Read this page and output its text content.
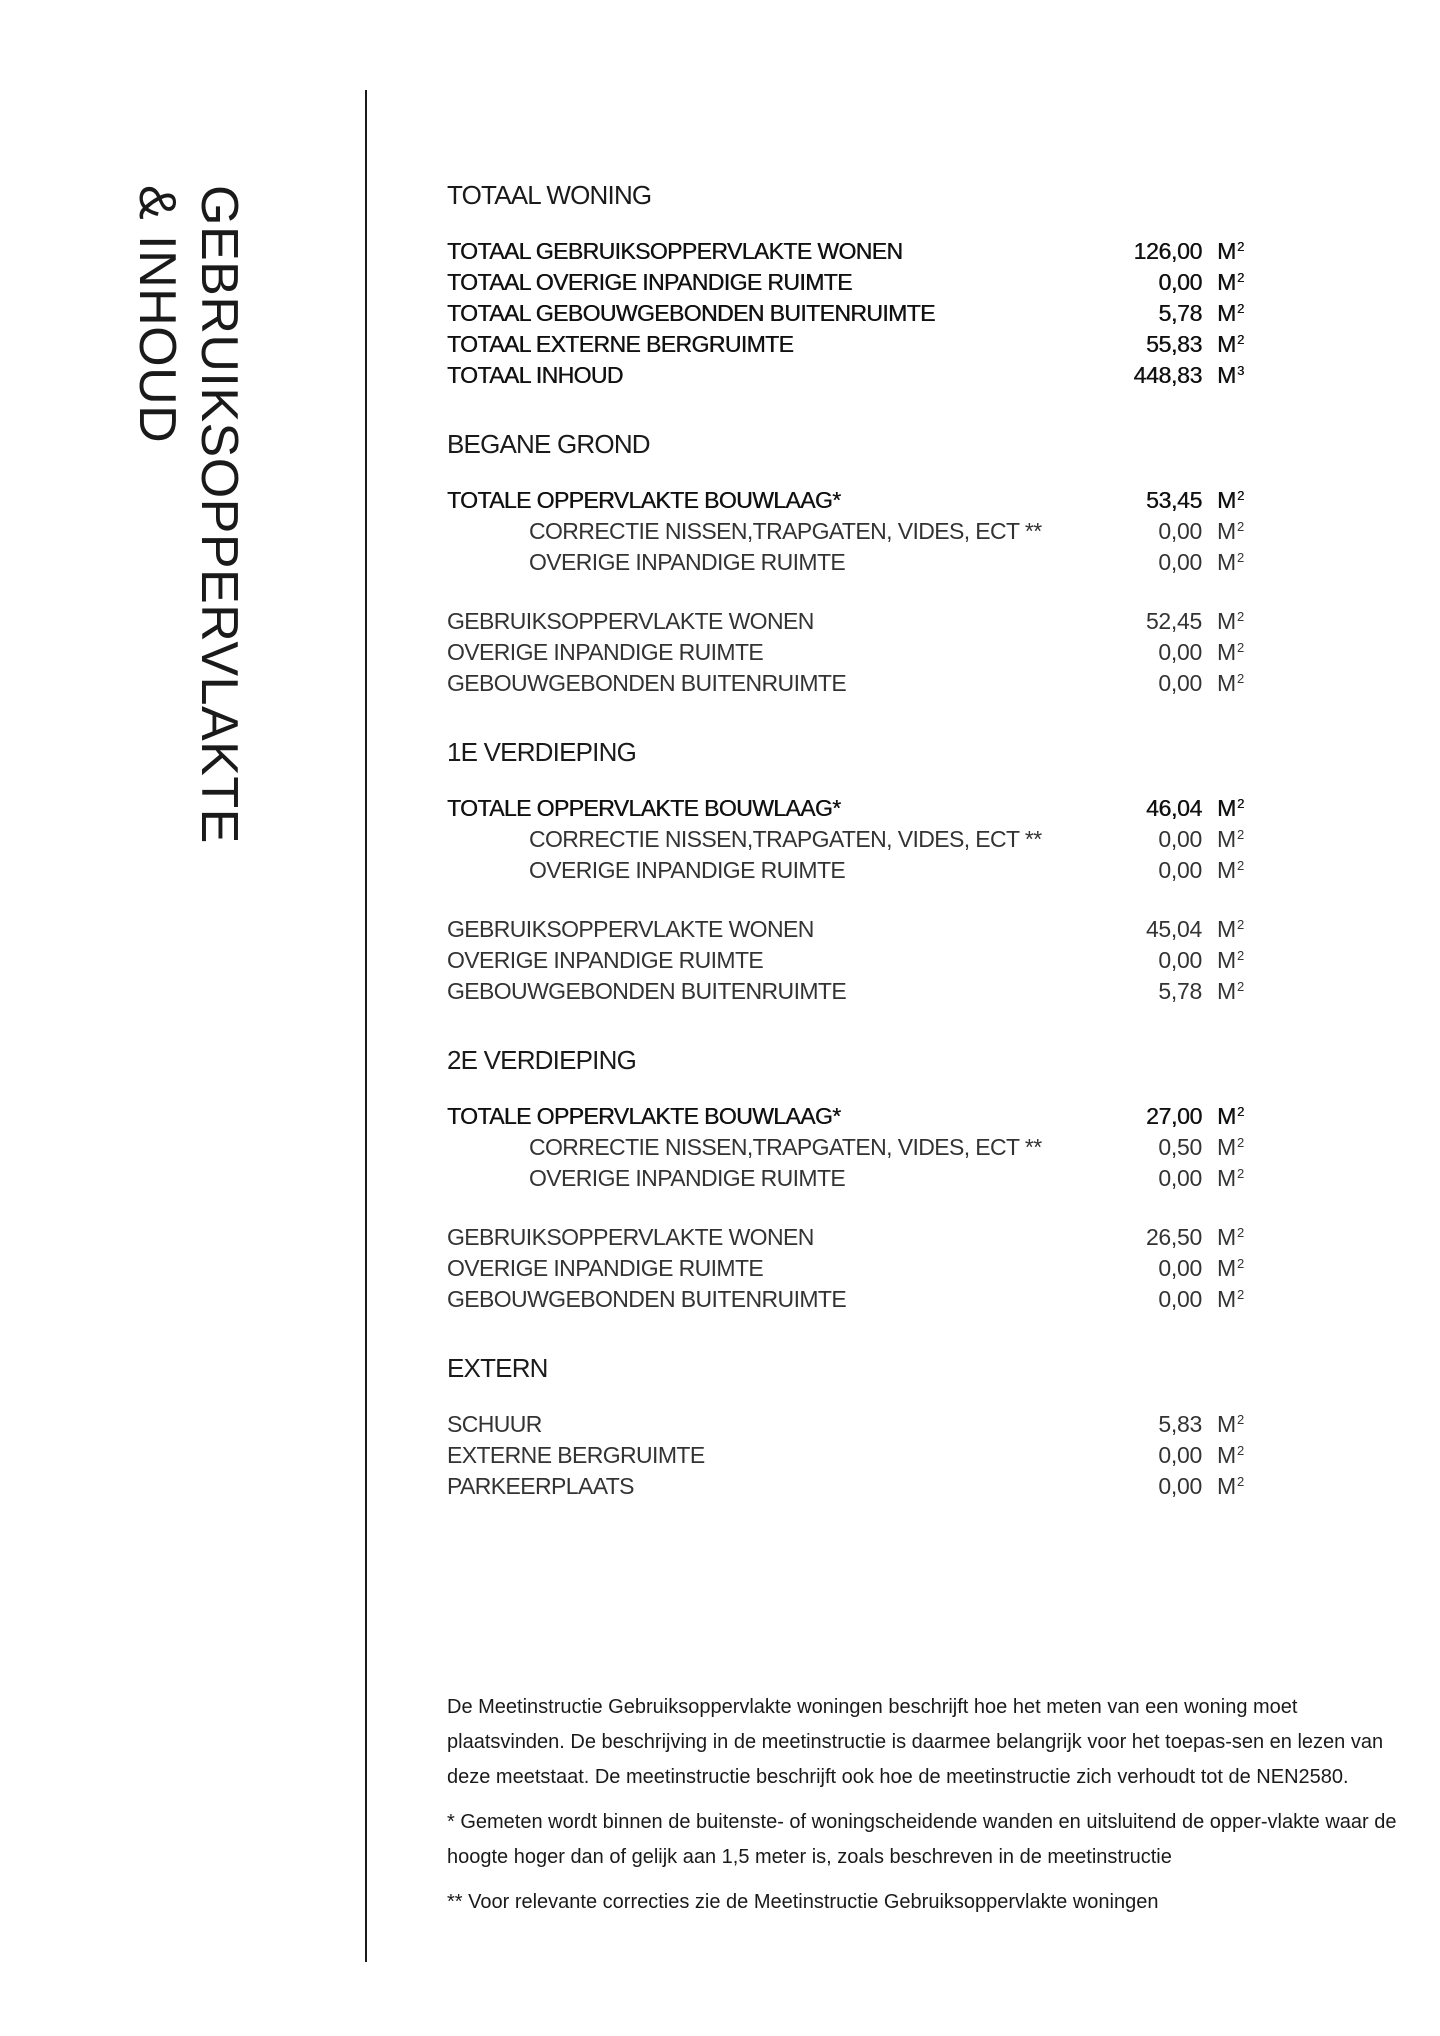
GEBRUIKSOPPERVLAKTE
& INHOUD	TOTAAL WONING
TOTAAL GEBRUIKSOPPERVLAKTE WONEN	126,00 $M^2$
TOTAAL OVERIGE INPANDIGE RUIMTE	0,00 $M^2$
TOTAAL GEBOUWGEBONDEN BUITENRUIMTE	5,78 $M^2$
TOTAAL EXTERNE BERGRUIMTE	55,83 $M^2$
TOTAAL INHOUD	448,83 $M^3$
BEGANE GROND
TOTALE OPPERVLAKTE BOUWLAAG*	53,45 $M^2$
CORRECTIE NISSEN,TRAPGATEN, VIDES, ECT **	0,00 $M^2$
OVERIGE INPANDIGE RUIMTE	0,00 $M^2$
GEBRUIKSOPPERVLAKTE WONEN	52,45 $M^2$
OVERIGE INPANDIGE RUIMTE	0,00 $M^2$
GEBOUWGEBONDEN BUITENRUIMTE	0,00 $M^2$
1E VERDIEPING
TOTALE OPPERVLAKTE BOUWLAAG*	46,04 $M^2$
CORRECTIE NISSEN,TRAPGATEN, VIDES, ECT **	0,00 $M^2$
OVERIGE INPANDIGE RUIMTE	0,00 $M^2$
GEBRUIKSOPPERVLAKTE WONEN	45,04 $M^2$
OVERIGE INPANDIGE RUIMTE	0,00 $M^2$
GEBOUWGEBONDEN BUITENRUIMTE	5,78 $M^2$
2E VERDIEPING
TOTALE OPPERVLAKTE BOUWLAAG*	27,00 $M^2$
CORRECTIE NISSEN,TRAPGATEN, VIDES, ECT **	0,50 $M^2$
OVERIGE INPANDIGE RUIMTE	0,00 $M^2$
GEBRUIKSOPPERVLAKTE WONEN	26,50 $M^2$
OVERIGE INPANDIGE RUIMTE	0,00 $M^2$
GEBOUWGEBONDEN BUITENRUIMTE	0,00 $M^2$
EXTERN
SCHUUR	5,83 $M^2$
EXTERNE BERGRUIMTE	0,00 $M^2$
PARKEERPLAATS	0,00 $M^2$

De Meetinstructie Gebruiksoppervlakte woningen beschrijft hoe het meten van een woning moet plaatsvinden. De beschrijving in de meetinstructie is daarmee belangrijk voor het toepas-sen en lezen van deze meetstaat. De meetinstructie beschrijft ook hoe de meetinstructie zich verhoudt tot de NEN2580.

* Gemeten wordt binnen de buitenste- of woningscheidende wanden en uitsluitend de opper-vlakte waar de hoogte hoger dan of gelijk aan 1,5 meter is, zoals beschreven in de meetinstructie

** Voor relevante correcties zie de Meetinstructie Gebruiksoppervlakte woningen
